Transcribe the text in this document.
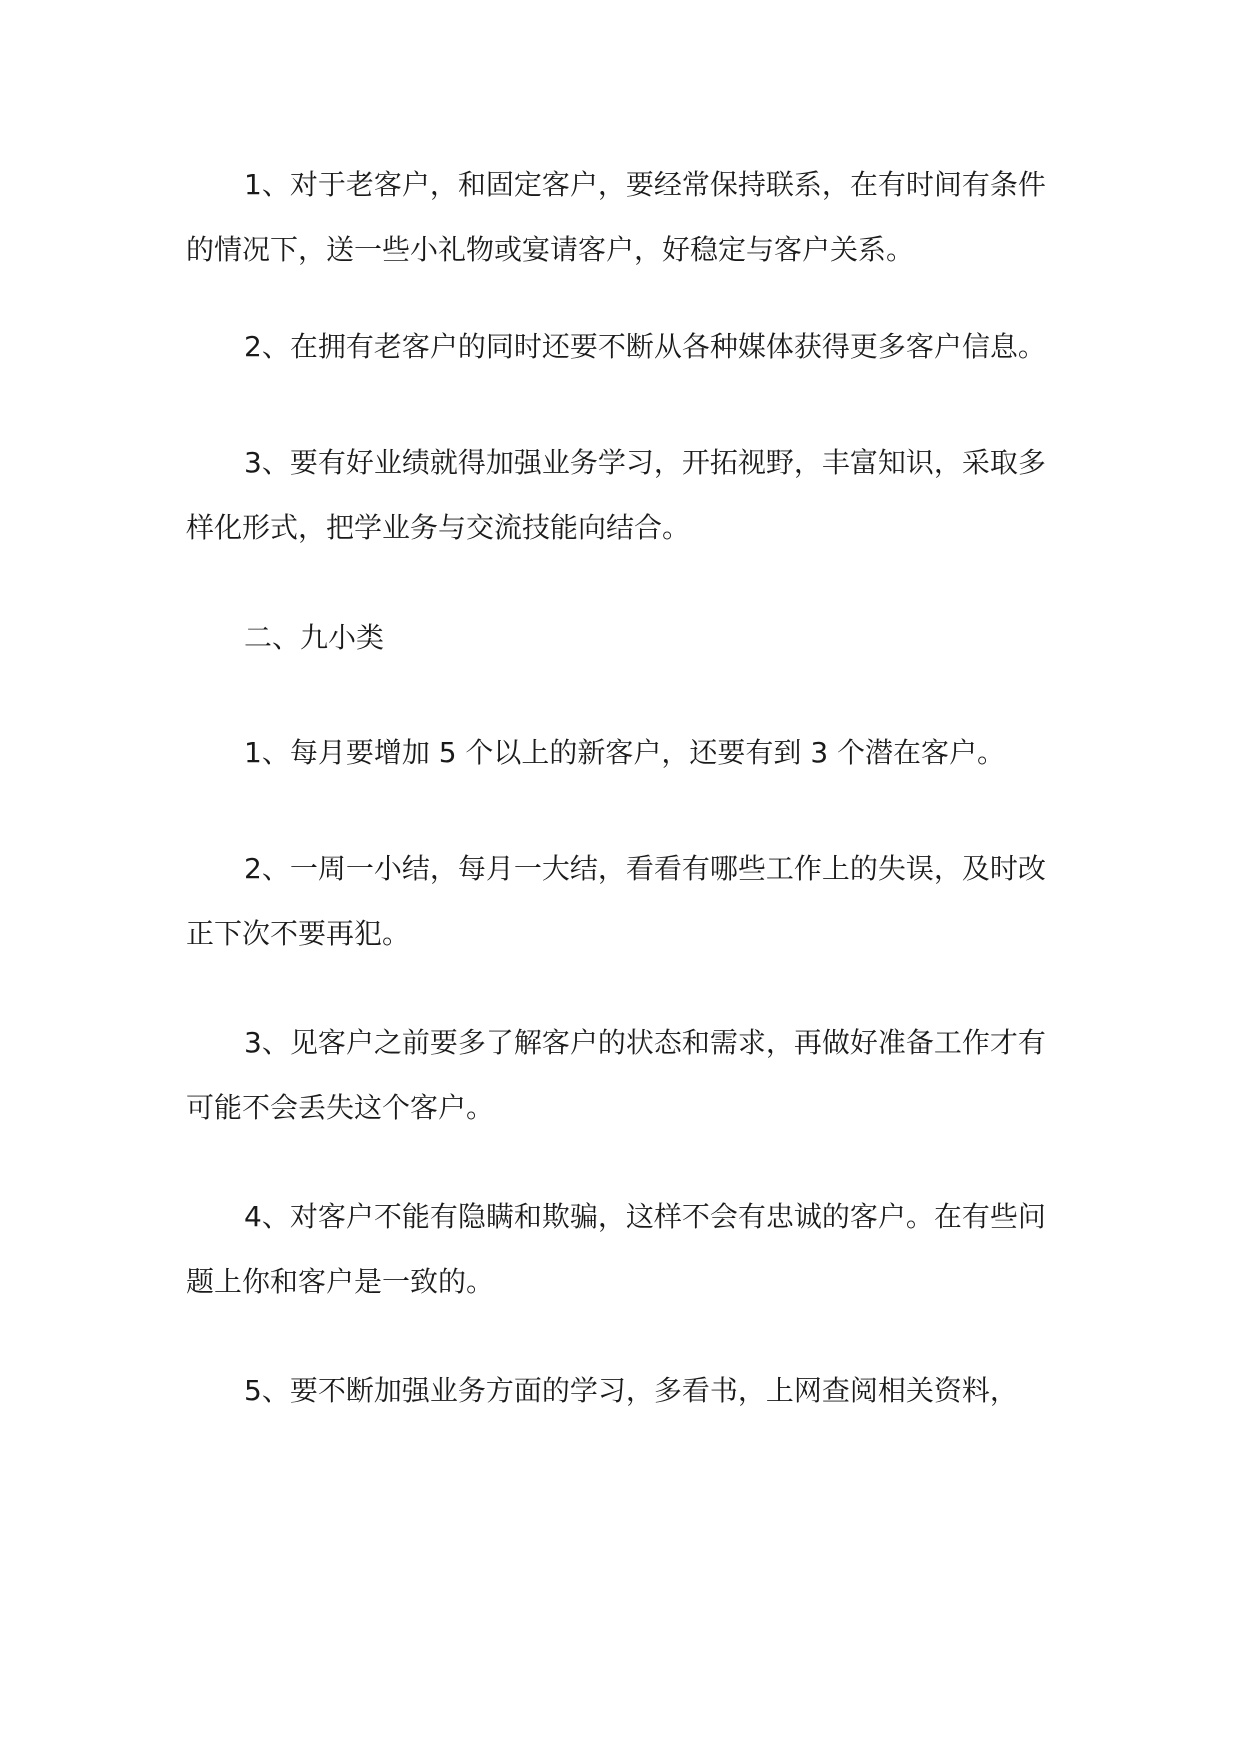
1、对于老客户，和固定客户，要经常保持联系，在有时间有条件的情况下，送一些小礼物或宴请客户，好稳定与客户关系。

2、在拥有老客户的同时还要不断从各种媒体获得更多客户信息。

3、要有好业绩就得加强业务学习，开拓视野，丰富知识，采取多样化形式，把学业务与交流技能向结合。

二、九小类

1、每月要增加 5 个以上的新客户，还要有到 3 个潜在客户。

2、一周一小结，每月一大结，看看有哪些工作上的失误，及时改正下次不要再犯。

3、见客户之前要多了解客户的状态和需求，再做好准备工作才有可能不会丢失这个客户。

4、对客户不能有隐瞒和欺骗，这样不会有忠诚的客户。在有些问题上你和客户是一致的。

5、要不断加强业务方面的学习，多看书，上网查阅相关资料，
